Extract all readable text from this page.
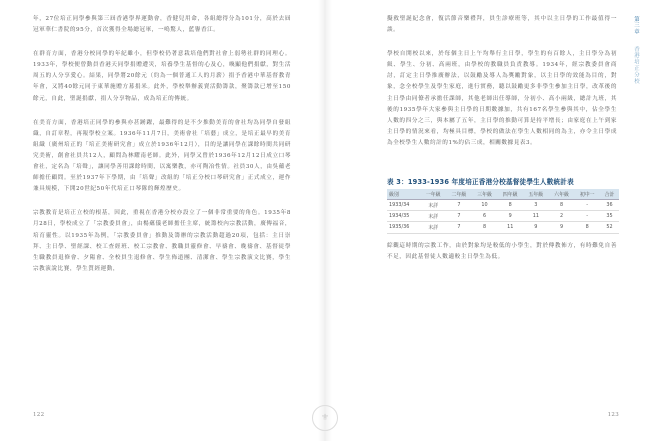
年，27位培正同學參與第三屆香港學界運動會，香健兒用命，各組總得分為101分，高於去屆冠軍華仁書院的95分，首次獲得全場總冠軍，一鳴驚人，藍譽香江。

在群育方面，香港分校同學的年紀雖小，但學校仍著意栽培他們對社會上弱勢社群的同理心。1933年，學校便曾動員香港天同學捐贈遭災，培養學生基督的心及心，喚顯他們捐獻，對生活周五的人分享愛心。結果，同學將20餘元（約為一個普通工人的月薪）捐予香港中華基督教青年會，又將40餘元同于東華施贈方募捐米。此外，學校舉辦義賣活動籌款，聚籌款已增至150餘元，自此，聖誕捐獻，捐人分享物品，成為培正的傳統。

在美育方面，香港培正同學的參與亦甚踴躍，最難得的是不少推動美育的會社均為同學自發組織，自訂章程，再報學校立案。1936年11月7日，美術會社「培藝」成立，是培正最早的美育組織（廣州培正的「培正美術研究會」成立於1936年12月），目的是讓同學在課餘時間共同研究美術，創會社員共12人，顧問為林耀南老師。此外，同學又曾於1936年12月12日成立口琴會社，定名為「培聲」，讓同學善用課餘時間，以寓樂教，亦可陶冶性情。社員30人，由吳蘊老師擔任顧問。至於1937年下學期，由「培聲」改組的「培正分校口琴研究會」正式成立，運作兼具規模，下開20世紀50年代培正口琴隊的輝煌歷史。

宗教教育是培正立校的根基，因此，重視在香港分校亦設立了一個非常重要的角色。1935年8月28日，學校成立了「宗教委員會」，由楊蘊儀老師擔任主席，統籌校內宗教活動，廣傳福音，培育靈性。以1935年為例，「宗教委員會」推動及籌辦的宗教活動超過20項，包括：主日崇拜、主日學、聖經課、校工查經班、校工宗教會、教職員靈修會、早禱會、晚禱會、基督徒學生職教員退修會、夕陽會、全校員生退修會、學生佈道團、清潔會、學生宗教演文比賽，學生宗教演說比賽，學生質經運動，

122	⚜

擬救聖誕紀念會，復活節音樂禮拜，員生診療班等，其中以主日學的工作最值得一談。

學校自開校以來，於每個主日上午均舉行主日學，學生的有百餘人，主日學分為初級、學生、分初、高兩班，由學校的教職員負責教導。1934年，經宗教委員會商討，訂定主日學推廣辦法，以鼓勵及導人為獎勵對象，以主日學的效能為目的，對象，念全校學生及學生家庭，進行實務，聽以鼓勵更多非學生參加主日學，改革後的主日學由同僚者承擔任課師，其他老師出任導師，分初小、高小兩級，總計九班，其後的1935學年大家參與主日學的日期數據加，共有167名學生參與其中，佔全學生人數的四分之三，與本屬了五年，主日學的推動可算是持平增長；由家庭在上午到家主日學的情況來看，均極具目標，學校的做法在學生人數相同的為主，亦令主日學成為全校學生人數約計的1%約佔三成，相關數據見表3。

表 3：1933-1936 年度培正香港分校基督徒學生人數統計表
級別	一年級	二年級	三年級	四年級	五年級	六年級	初中一	合計
1933/34	末詳	7	10	8	3	8	-	36
1934/35	末詳	7	6	9	11	2	-	35
1935/36	末詳	7	8	11	9	9	8	52

綜觀這時期的宗教工作，由於對象均是較低的小學生，對於傳教佈方，有時難免自善不足，因此基督徒人數適較主日學生為低。

第三章
香港培正分校
123
